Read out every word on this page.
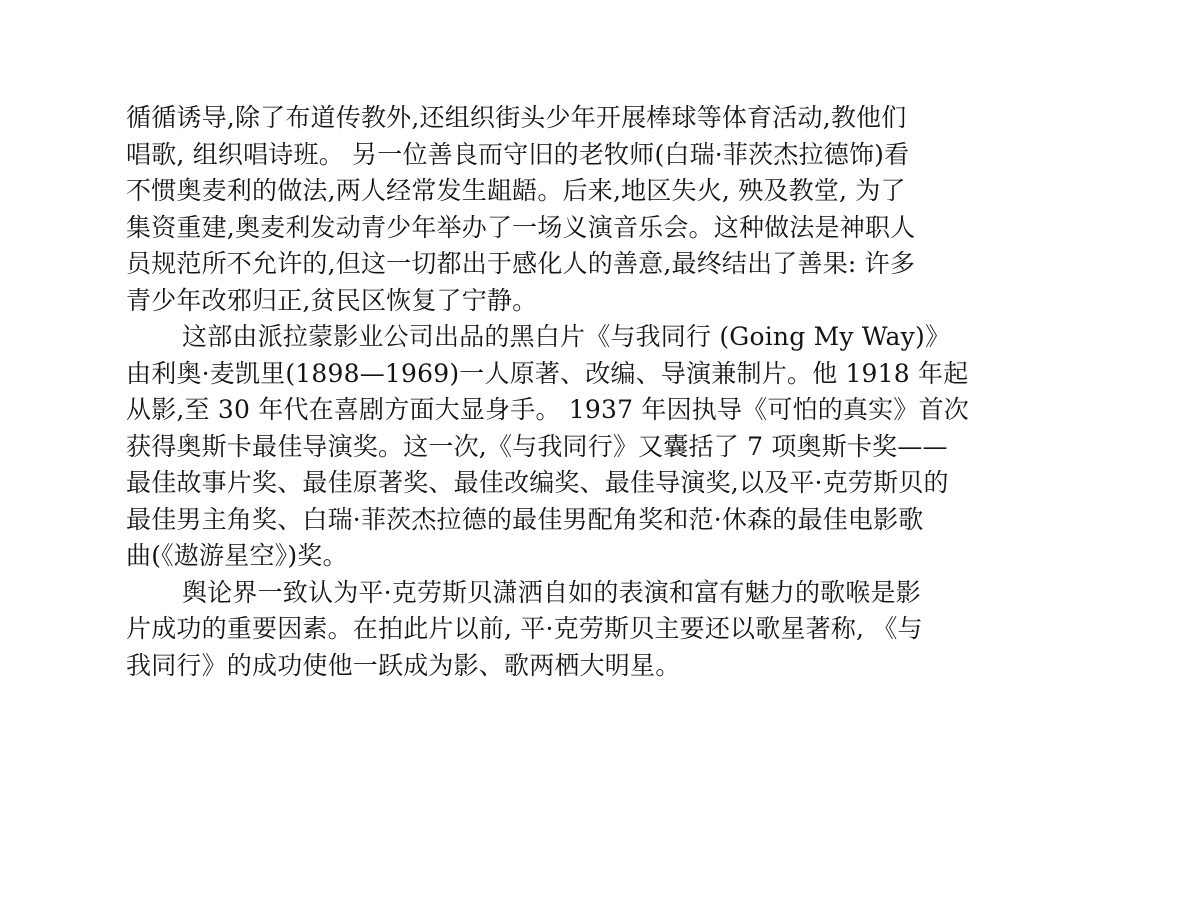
循循诱导,除了布道传教外,还组织街头少年开展棒球等体育活动,教他们
唱歌, 组织唱诗班。 另一位善良而守旧的老牧师(白瑞·菲茨杰拉德饰)看
不惯奥麦利的做法,两人经常发生龃龉。后来,地区失火, 殃及教堂, 为了
集资重建,奥麦利发动青少年举办了一场义演音乐会。这种做法是神职人
员规范所不允许的,但这一切都出于感化人的善意,最终结出了善果: 许多
青少年改邪归正,贫民区恢复了宁静。
这部由派拉蒙影业公司出品的黑白片《与我同行 (Going My Way)》
由利奥·麦凯里(1898—1969)一人原著、改编、导演兼制片。他 1918 年起
从影,至 30 年代在喜剧方面大显身手。 1937 年因执导《可怕的真实》首次
获得奥斯卡最佳导演奖。这一次,《与我同行》又囊括了 7 项奥斯卡奖——
最佳故事片奖、最佳原著奖、最佳改编奖、最佳导演奖,以及平·克劳斯贝的
最佳男主角奖、白瑞·菲茨杰拉德的最佳男配角奖和范·休森的最佳电影歌
曲(《遨游星空》)奖。
舆论界一致认为平·克劳斯贝潇洒自如的表演和富有魅力的歌喉是影
片成功的重要因素。在拍此片以前, 平·克劳斯贝主要还以歌星著称, 《与
我同行》的成功使他一跃成为影、歌两栖大明星。
